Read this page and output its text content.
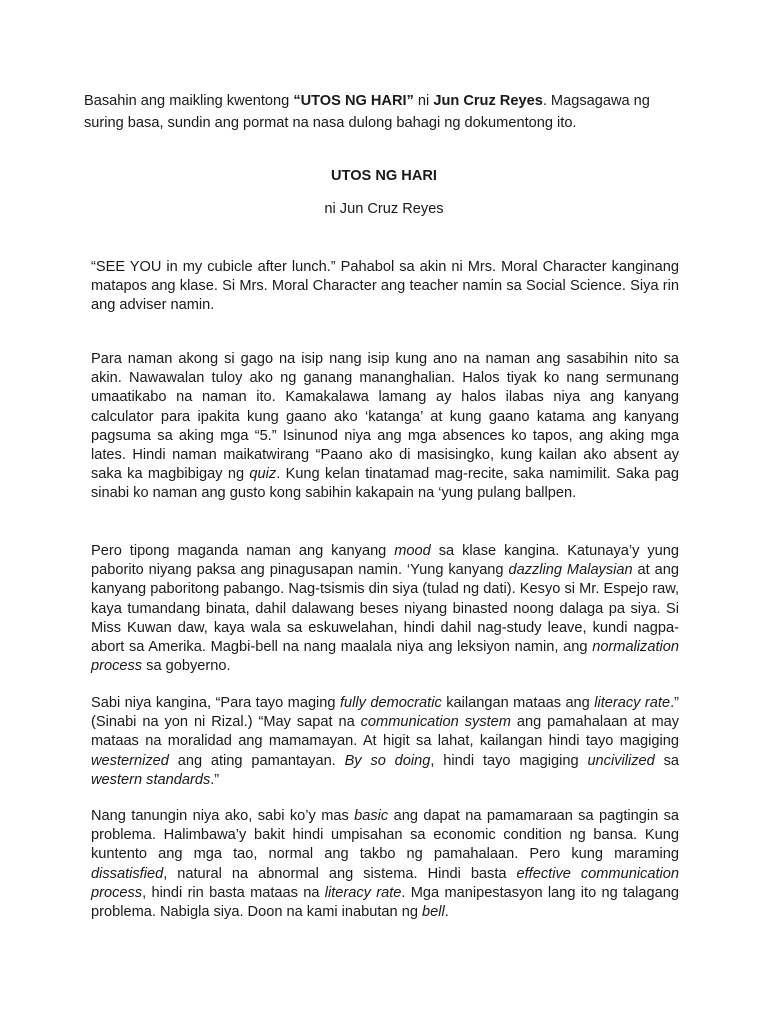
Basahin ang maikling kwentong “UTOS NG HARI” ni Jun Cruz Reyes. Magsagawa ng suring basa, sundin ang pormat na nasa dulong bahagi ng dokumentong ito.

UTOS NG HARI

ni Jun Cruz Reyes

“SEE YOU in my cubicle after lunch.” Pahabol sa akin ni Mrs. Moral Character kanginang matapos ang klase. Si Mrs. Moral Character ang teacher namin sa Social Science. Siya rin ang adviser namin.

Para naman akong si gago na isip nang isip kung ano na naman ang sasabihin nito sa akin. Nawawalan tuloy ako ng ganang mananghalian. Halos tiyak ko nang sermunang umaatikabo na naman ito. Kamakalawa lamang ay halos ilabas niya ang kanyang calculator para ipakita kung gaano ako ‘katanga’ at kung gaano katama ang kanyang pagsuma sa aking mga “5.” Isinunod niya ang mga absences ko tapos, ang aking mga lates. Hindi naman maikatwirang “Paano ako di masisingko, kung kailan ako absent ay saka ka magbibigay ng quiz. Kung kelan tinatamad mag-recite, saka namimilit. Saka pag sinabi ko naman ang gusto kong sabihin kakapain na ‘yung pulang ballpen.

Pero tipong maganda naman ang kanyang mood sa klase kangina. Katunaya’y yung paborito niyang paksa ang pinagusapan namin. ‘Yung kanyang dazzling Malaysian at ang kanyang paboritong pabango. Nag-tsismis din siya (tulad ng dati). Kesyo si Mr. Espejo raw, kaya tumandang binata, dahil dalawang beses niyang binasted noong dalaga pa siya. Si Miss Kuwan daw, kaya wala sa eskuwelahan, hindi dahil nag-study leave, kundi nagpa-abort sa Amerika. Magbi-bell na nang maalala niya ang leksiyon namin, ang normalization process sa gobyerno.

Sabi niya kangina, “Para tayo maging fully democratic kailangan mataas ang literacy rate.” (Sinabi na yon ni Rizal.) “May sapat na communication system ang pamahalaan at may mataas na moralidad ang mamamayan. At higit sa lahat, kailangan hindi tayo magiging westernized ang ating pamantayan. By so doing, hindi tayo magiging uncivilized sa western standards.”

Nang tanungin niya ako, sabi ko’y mas basic ang dapat na pamamaraan sa pagtingin sa problema. Halimbawa’y bakit hindi umpisahan sa economic condition ng bansa. Kung kuntento ang mga tao, normal ang takbo ng pamahalaan. Pero kung maraming dissatisfied, natural na abnormal ang sistema. Hindi basta effective communication process, hindi rin basta mataas na literacy rate. Mga manipestasyon lang ito ng talagang problema. Nabigla siya. Doon na kami inabutan ng bell.
